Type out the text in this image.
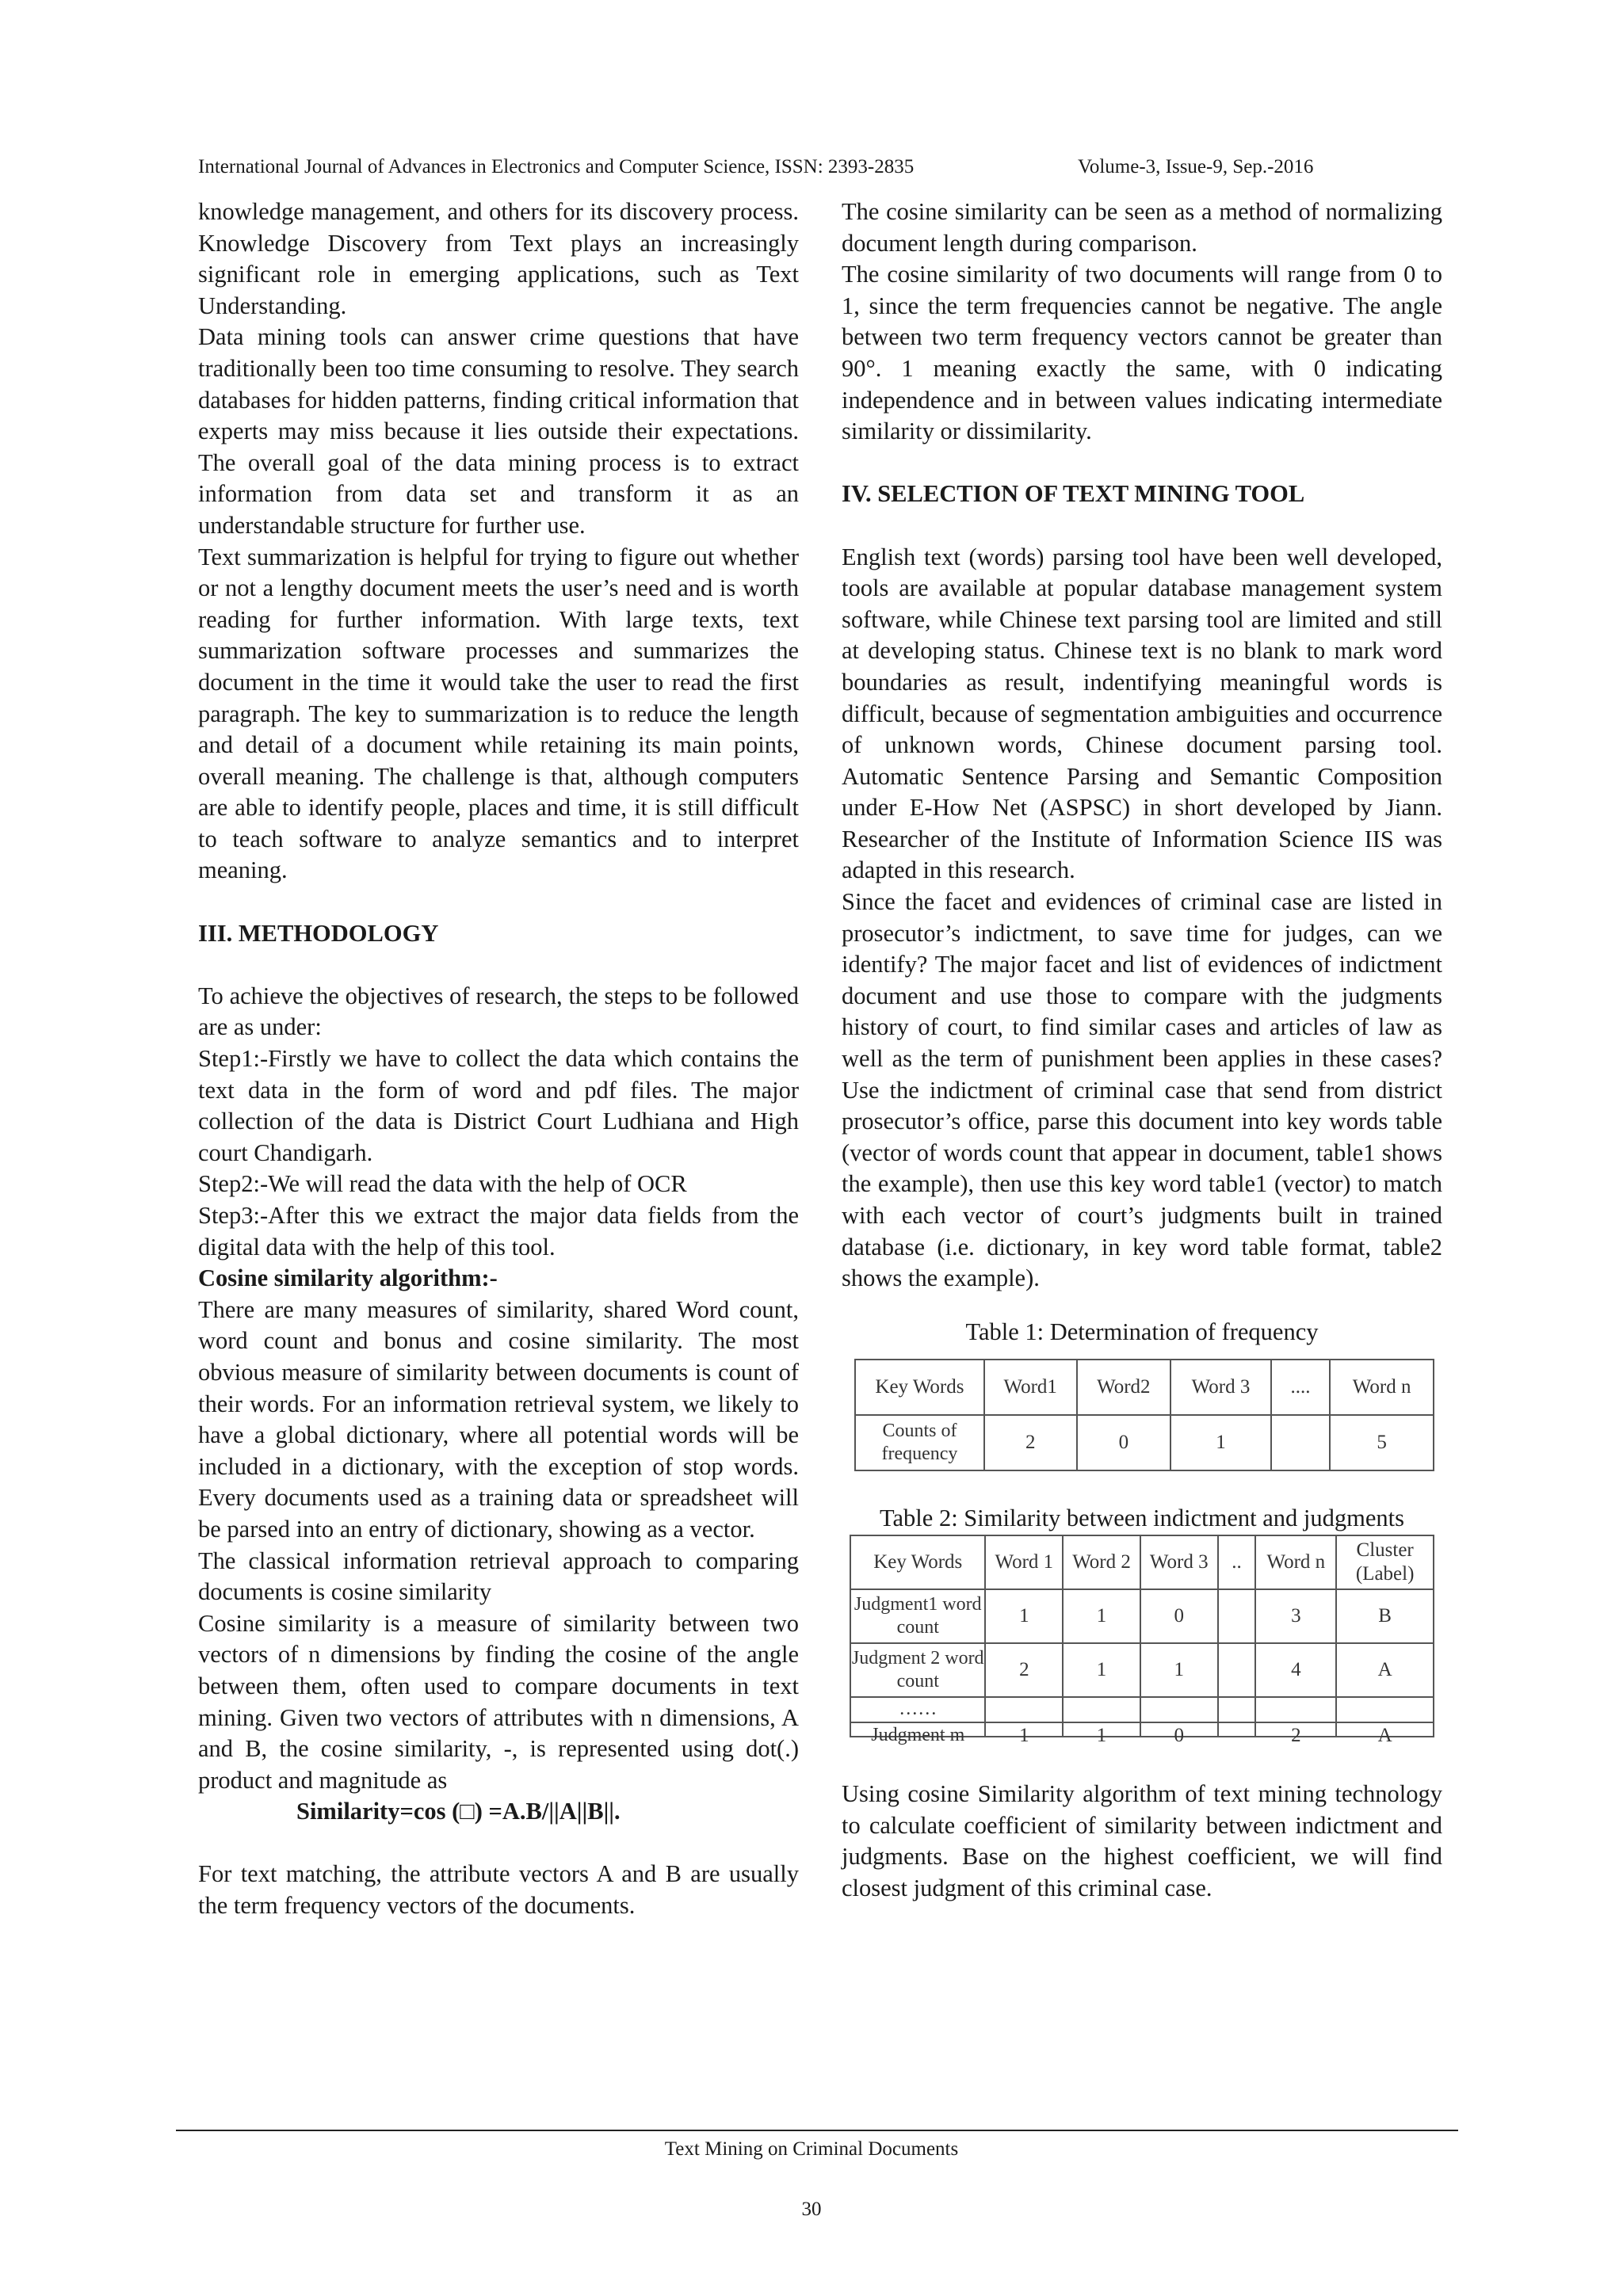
International Journal of Advances in Electronics and Computer Science, ISSN: 2393-2835	Volume-3, Issue-9, Sep.-2016

knowledge management, and others for its discovery process. Knowledge Discovery from Text plays an increasingly significant role in emerging applications, such as Text Understanding.

Data mining tools can answer crime questions that have traditionally been too time consuming to resolve. They search databases for hidden patterns, finding critical information that experts may miss because it lies outside their expectations. The overall goal of the data mining process is to extract information from data set and transform it as an understandable structure for further use.

Text summarization is helpful for trying to figure out whether or not a lengthy document meets the user’s need and is worth reading for further information. With large texts, text summarization software processes and summarizes the document in the time it would take the user to read the first paragraph. The key to summarization is to reduce the length and detail of a document while retaining its main points, overall meaning. The challenge is that, although computers are able to identify people, places and time, it is still difficult to teach software to analyze semantics and to interpret meaning.

III. METHODOLOGY

To achieve the objectives of research, the steps to be followed are as under:

Step1:-Firstly we have to collect the data which contains the text data in the form of word and pdf files. The major collection of the data is District Court Ludhiana and High court Chandigarh.

Step2:-We will read the data with the help of OCR

Step3:-After this we extract the major data fields from the digital data with the help of this tool.

Cosine similarity algorithm:-

There are many measures of similarity, shared Word count, word count and bonus and cosine similarity. The most obvious measure of similarity between documents is count of their words. For an information retrieval system, we likely to have a global dictionary, where all potential words will be included in a dictionary, with the exception of stop words. Every documents used as a training data or spreadsheet will be parsed into an entry of dictionary, showing as a vector.

The classical information retrieval approach to comparing documents is cosine similarity

Cosine similarity is a measure of similarity between two vectors of n dimensions by finding the cosine of the angle between them, often used to compare documents in text mining. Given two vectors of attributes with n dimensions, A and B, the cosine similarity, -, is represented using dot(.) product and magnitude as

Similarity=cos (□) =A.B/||A||B||.

For text matching, the attribute vectors A and B are usually the term frequency vectors of the documents.

The cosine similarity can be seen as a method of normalizing document length during comparison.

The cosine similarity of two documents will range from 0 to 1, since the term frequencies cannot be negative. The angle between two term frequency vectors cannot be greater than 90°. 1 meaning exactly the same, with 0 indicating independence and in between values indicating intermediate similarity or dissimilarity.

IV. SELECTION OF TEXT MINING TOOL

English text (words) parsing tool have been well developed, tools are available at popular database management system software, while Chinese text parsing tool are limited and still at developing status. Chinese text is no blank to mark word boundaries as result, indentifying meaningful words is difficult, because of segmentation ambiguities and occurrence of unknown words, Chinese document parsing tool. Automatic Sentence Parsing and Semantic Composition under E-How Net (ASPSC) in short developed by Jiann. Researcher of the Institute of Information Science IIS was adapted in this research.

Since the facet and evidences of criminal case are listed in prosecutor’s indictment, to save time for judges, can we identify? The major facet and list of evidences of indictment document and use those to compare with the judgments history of court, to find similar cases and articles of law as well as the term of punishment been applies in these cases? Use the indictment of criminal case that send from district prosecutor’s office, parse this document into key words table (vector of words count that appear in document, table1 shows the example), then use this key word table1 (vector) to match with each vector of court’s judgments built in trained database (i.e. dictionary, in key word table format, table2 shows the example).

Table 1: Determination of frequency

Key Words	Word1	Word2	Word 3	....	Word n
Counts of frequency	2	0	1		5

Table 2: Similarity between indictment and judgments

Key Words	Word 1	Word 2	Word 3	..	Word n	Cluster (Label)
Judgment1 word count	1	1	0		3	B
Judgment 2 word count	2	1	1		4	A
……						

Judgment m	1	1	0		2	A

Using cosine Similarity algorithm of text mining technology to calculate coefficient of similarity between indictment and judgments. Base on the highest coefficient, we will find closest judgment of this criminal case.

Text Mining on Criminal Documents
30
